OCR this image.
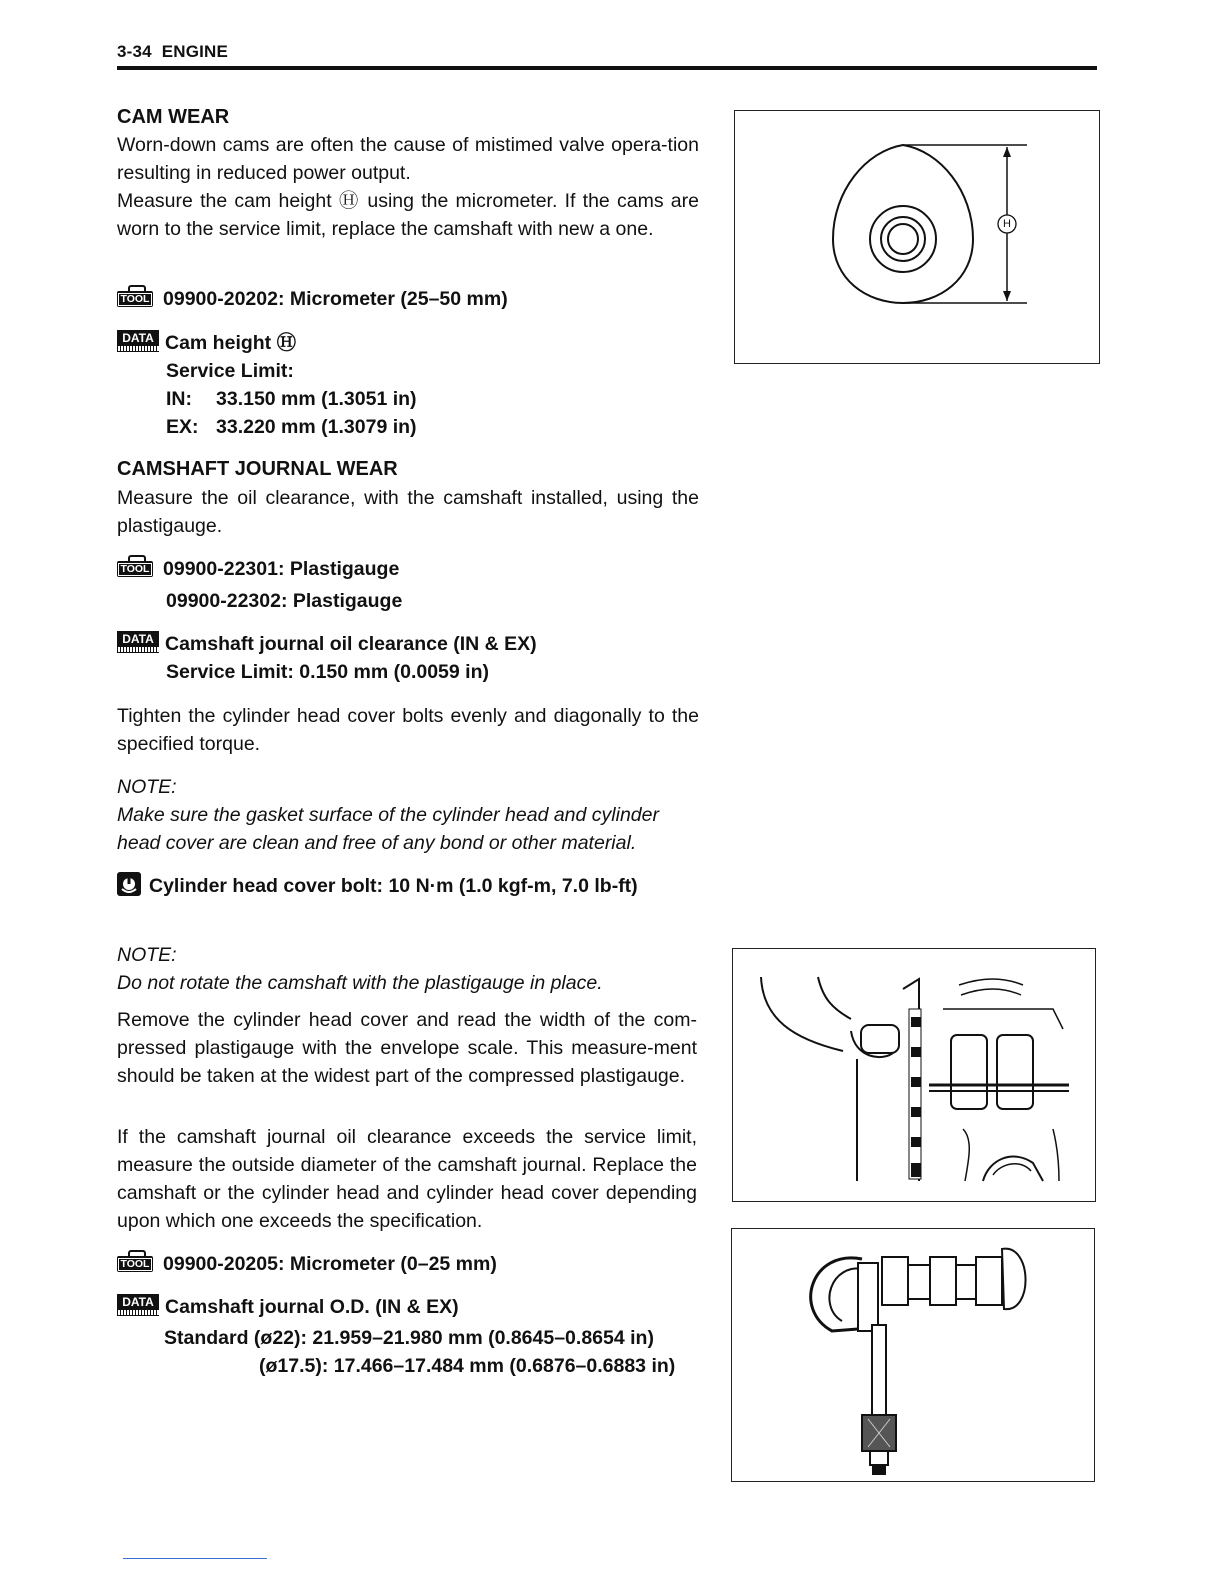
3-34 ENGINE
CAM WEAR
Worn-down cams are often the cause of mistimed valve opera-tion resulting in reduced power output.
Measure the cam height Ⓗ using the micrometer. If the cams are worn to the service limit, replace the camshaft with new a one.
TOOL 09900-20202: Micrometer (25–50 mm)
DATA Cam height Ⓗ
Service Limit:
IN: 33.150 mm (1.3051 in)
EX: 33.220 mm (1.3079 in)
CAMSHAFT JOURNAL WEAR
Measure the oil clearance, with the camshaft installed, using the plastigauge.
TOOL 09900-22301: Plastigauge
09900-22302: Plastigauge
DATA Camshaft journal oil clearance (IN & EX)
Service Limit: 0.150 mm (0.0059 in)
Tighten the cylinder head cover bolts evenly and diagonally to the specified torque.
NOTE:
Make sure the gasket surface of the cylinder head and cylinder head cover are clean and free of any bond or other material.
Cylinder head cover bolt: 10 N·m (1.0 kgf-m, 7.0 lb-ft)
NOTE:
Do not rotate the camshaft with the plastigauge in place.
Remove the cylinder head cover and read the width of the com-pressed plastigauge with the envelope scale. This measure-ment should be taken at the widest part of the compressed plastigauge.
If the camshaft journal oil clearance exceeds the service limit, measure the outside diameter of the camshaft journal. Replace the camshaft or the cylinder head and cylinder head cover depending upon which one exceeds the specification.
TOOL 09900-20205: Micrometer (0–25 mm)
DATA Camshaft journal O.D. (IN & EX)
Standard (ø22): 21.959–21.980 mm (0.8645–0.8654 in)
(ø17.5): 17.466–17.484 mm (0.6876–0.6883 in)
H
